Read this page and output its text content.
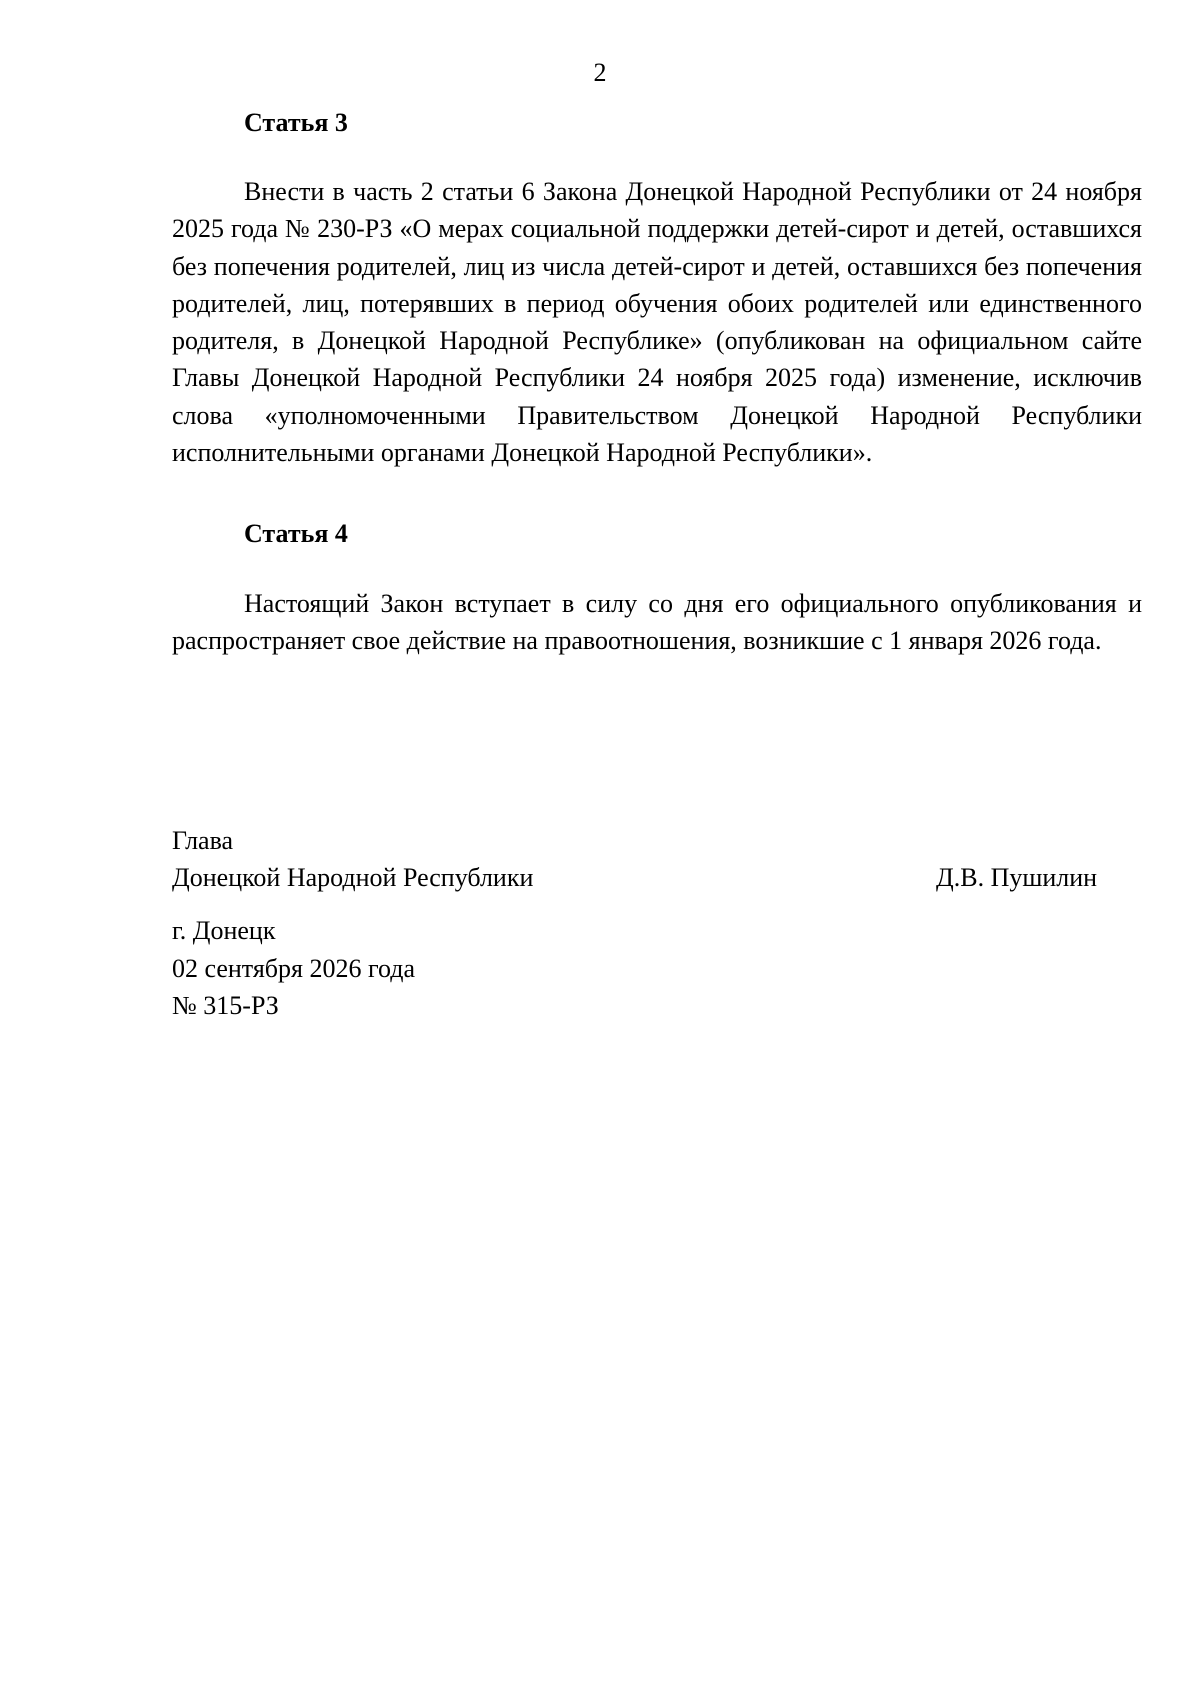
2
Статья 3

Внести в часть 2 статьи 6 Закона Донецкой Народной Республики от 24 ноября 2025 года № 230-РЗ «О мерах социальной поддержки детей-сирот и детей, оставшихся без попечения родителей, лиц из числа детей-сирот и детей, оставшихся без попечения родителей, лиц, потерявших в период обучения обоих родителей или единственного родителя, в Донецкой Народной Республике» (опубликован на официальном сайте Главы Донецкой Народной Республики 24 ноября 2025 года) изменение, исключив слова «уполномоченными Правительством Донецкой Народной Республики исполнительными органами Донецкой Народной Республики».

Статья 4

Настоящий Закон вступает в силу со дня его официального опубликования и распространяет свое действие на правоотношения, возникшие с 1 января 2026 года.

Глава
Донецкой Народной Республики	Д.В. Пушилин
г. Донецк
02 сентября 2026 года
№ 315-РЗ
